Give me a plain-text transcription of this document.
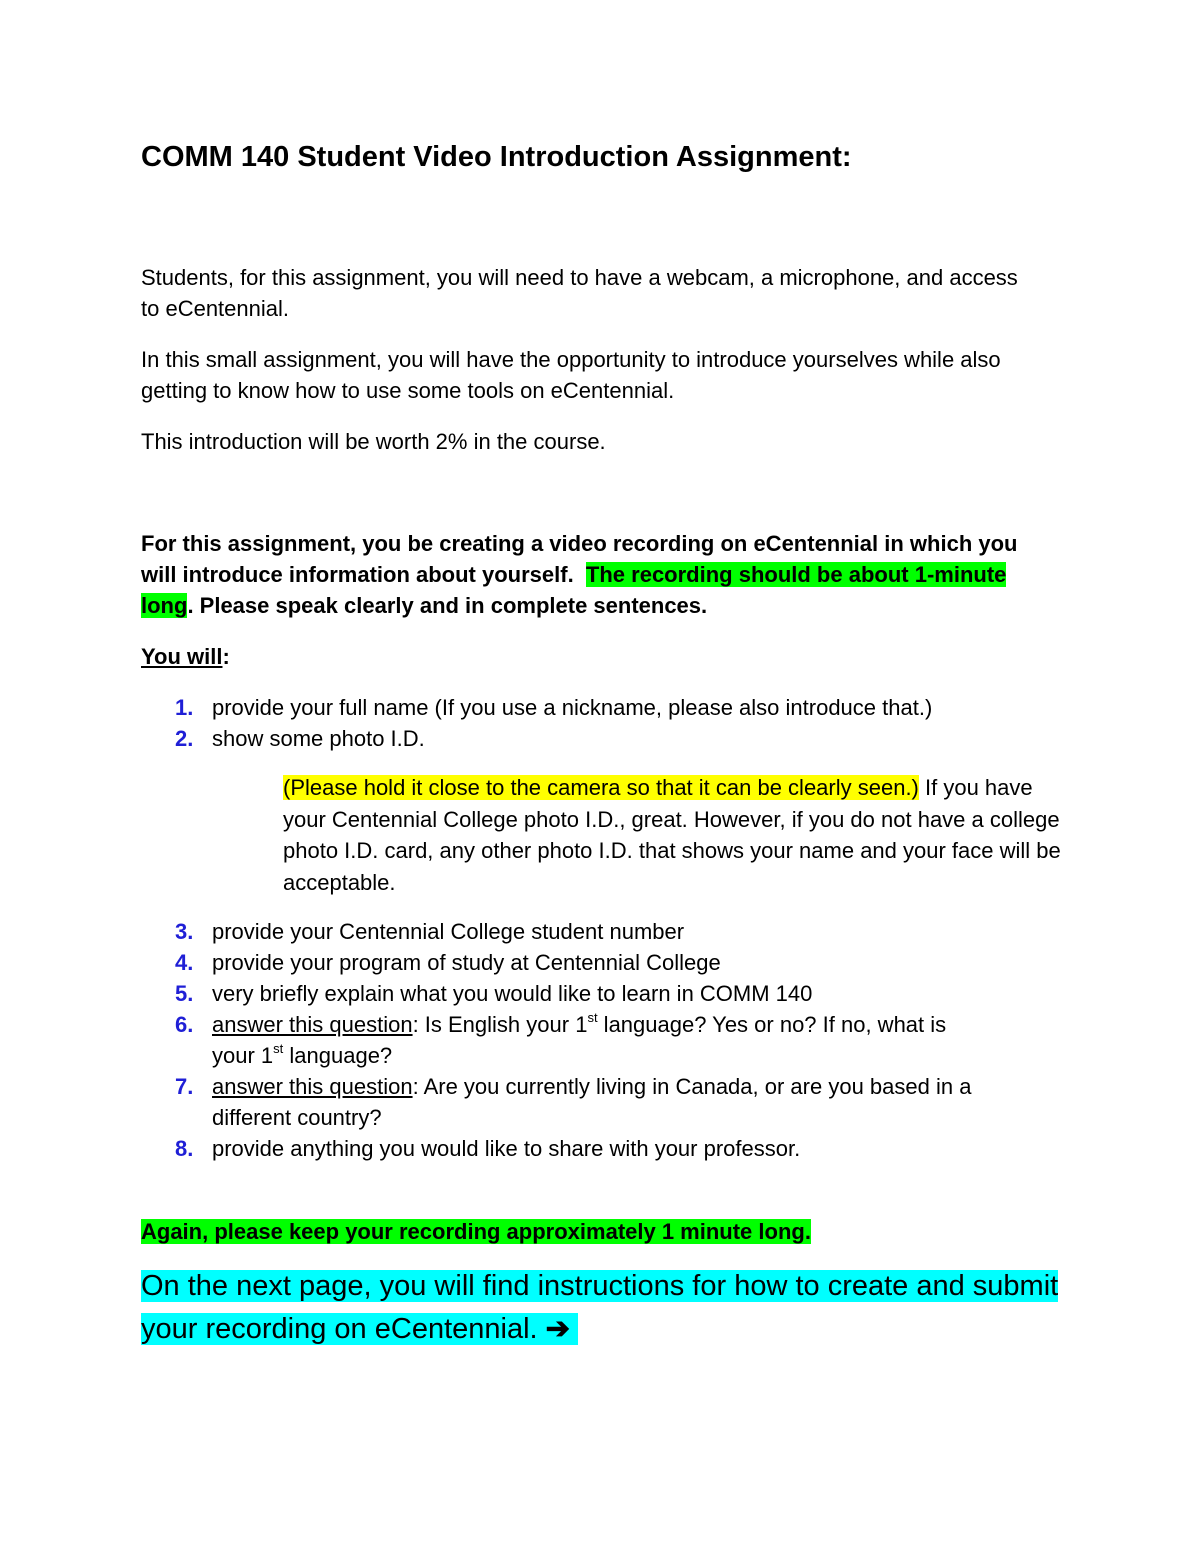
COMM 140 Student Video Introduction Assignment:

Students, for this assignment, you will need to have a webcam, a microphone, and access to eCentennial.

In this small assignment, you will have the opportunity to introduce yourselves while also getting to know how to use some tools on eCentennial.

This introduction will be worth 2% in the course.

For this assignment, you be creating a video recording on eCentennial in which you will introduce information about yourself. The recording should be about 1-minute long. Please speak clearly and in complete sentences.

You will:

1. provide your full name (If you use a nickname, please also introduce that.)
2. show some photo I.D.

(Please hold it close to the camera so that it can be clearly seen.) If you have your Centennial College photo I.D., great. However, if you do not have a college photo I.D. card, any other photo I.D. that shows your name and your face will be acceptable.

3. provide your Centennial College student number
4. provide your program of study at Centennial College
5. very briefly explain what you would like to learn in COMM 140
6. answer this question: Is English your 1st language? Yes or no? If no, what is your 1st language?
7. answer this question: Are you currently living in Canada, or are you based in a different country?
8. provide anything you would like to share with your professor.

Again, please keep your recording approximately 1 minute long.

On the next page, you will find instructions for how to create and submit your recording on eCentennial. ➔
